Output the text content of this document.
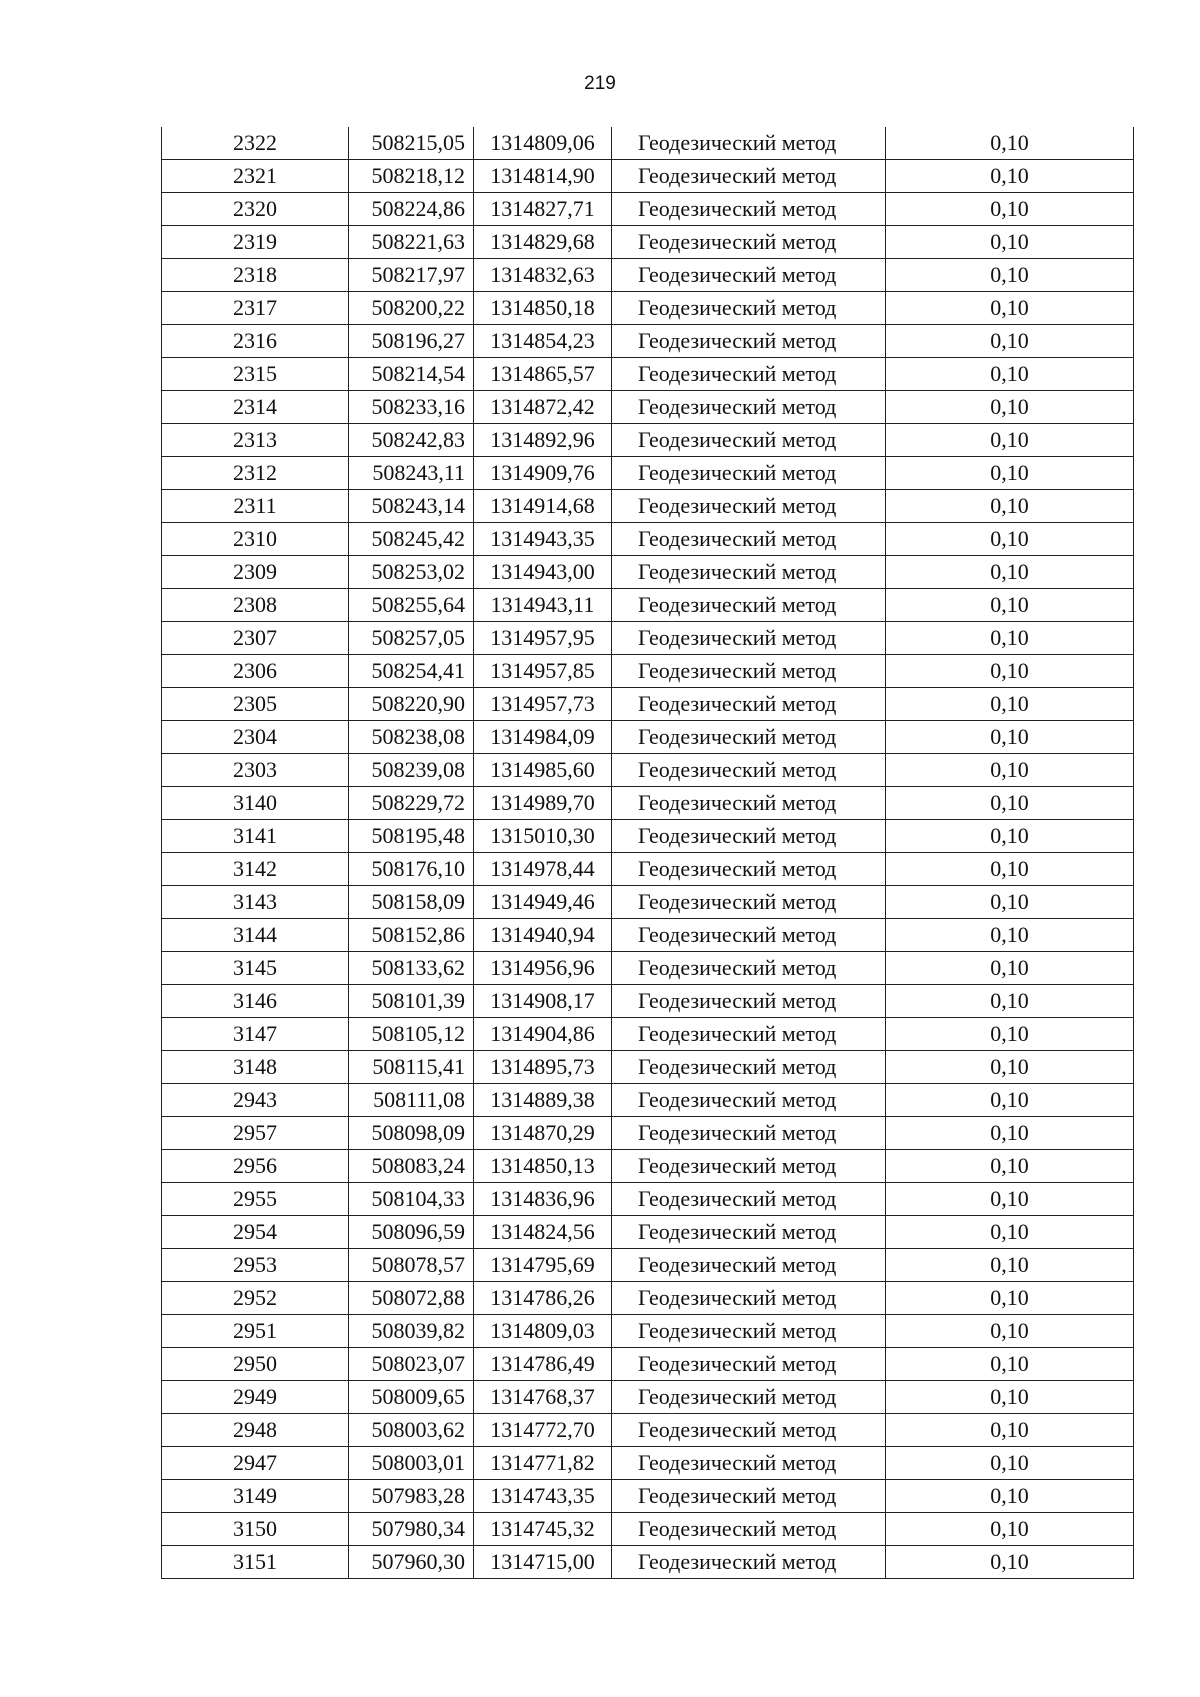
219
2322	508215,05	1314809,06	Геодезический метод	0,10
2321	508218,12	1314814,90	Геодезический метод	0,10
2320	508224,86	1314827,71	Геодезический метод	0,10
2319	508221,63	1314829,68	Геодезический метод	0,10
2318	508217,97	1314832,63	Геодезический метод	0,10
2317	508200,22	1314850,18	Геодезический метод	0,10
2316	508196,27	1314854,23	Геодезический метод	0,10
2315	508214,54	1314865,57	Геодезический метод	0,10
2314	508233,16	1314872,42	Геодезический метод	0,10
2313	508242,83	1314892,96	Геодезический метод	0,10
2312	508243,11	1314909,76	Геодезический метод	0,10
2311	508243,14	1314914,68	Геодезический метод	0,10
2310	508245,42	1314943,35	Геодезический метод	0,10
2309	508253,02	1314943,00	Геодезический метод	0,10
2308	508255,64	1314943,11	Геодезический метод	0,10
2307	508257,05	1314957,95	Геодезический метод	0,10
2306	508254,41	1314957,85	Геодезический метод	0,10
2305	508220,90	1314957,73	Геодезический метод	0,10
2304	508238,08	1314984,09	Геодезический метод	0,10
2303	508239,08	1314985,60	Геодезический метод	0,10
3140	508229,72	1314989,70	Геодезический метод	0,10
3141	508195,48	1315010,30	Геодезический метод	0,10
3142	508176,10	1314978,44	Геодезический метод	0,10
3143	508158,09	1314949,46	Геодезический метод	0,10
3144	508152,86	1314940,94	Геодезический метод	0,10
3145	508133,62	1314956,96	Геодезический метод	0,10
3146	508101,39	1314908,17	Геодезический метод	0,10
3147	508105,12	1314904,86	Геодезический метод	0,10
3148	508115,41	1314895,73	Геодезический метод	0,10
2943	508111,08	1314889,38	Геодезический метод	0,10
2957	508098,09	1314870,29	Геодезический метод	0,10
2956	508083,24	1314850,13	Геодезический метод	0,10
2955	508104,33	1314836,96	Геодезический метод	0,10
2954	508096,59	1314824,56	Геодезический метод	0,10
2953	508078,57	1314795,69	Геодезический метод	0,10
2952	508072,88	1314786,26	Геодезический метод	0,10
2951	508039,82	1314809,03	Геодезический метод	0,10
2950	508023,07	1314786,49	Геодезический метод	0,10
2949	508009,65	1314768,37	Геодезический метод	0,10
2948	508003,62	1314772,70	Геодезический метод	0,10
2947	508003,01	1314771,82	Геодезический метод	0,10
3149	507983,28	1314743,35	Геодезический метод	0,10
3150	507980,34	1314745,32	Геодезический метод	0,10
3151	507960,30	1314715,00	Геодезический метод	0,10
